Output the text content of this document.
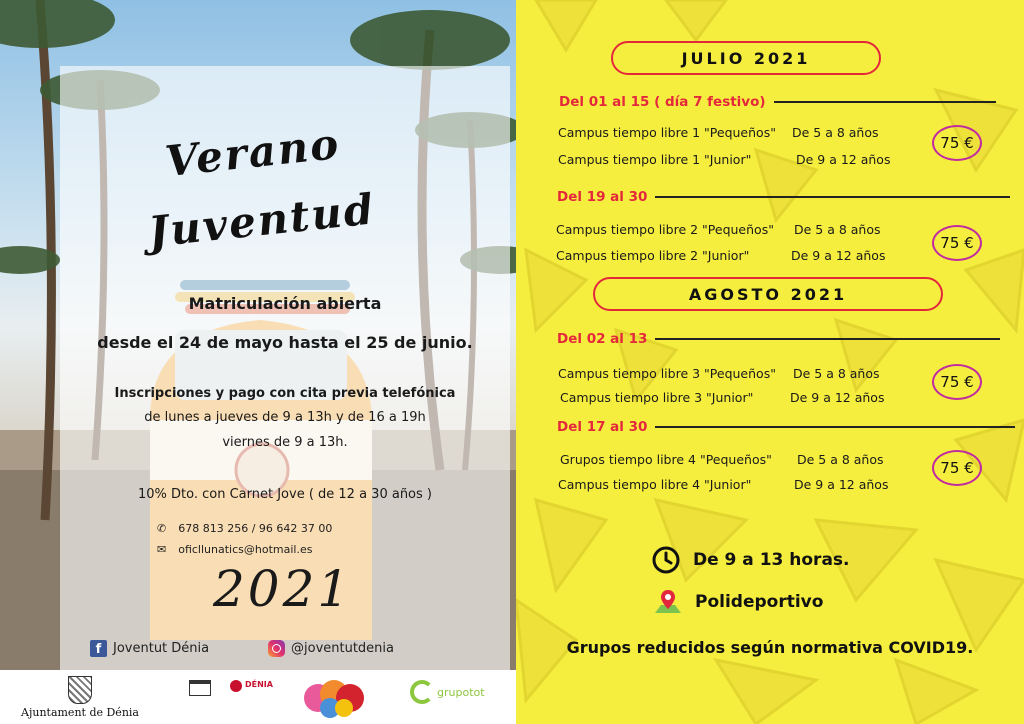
Verano
Juventud
Matriculación abierta
desde el 24 de mayo hasta el 25 de junio.
Inscripciones y pago con cita previa telefónica
de lunes a jueves de 9 a 13h y de 16 a 19h
viernes de 9 a 13h.
10% Dto. con Carnet Jove ( de 12 a 30 años )
✆ 678 813 256 / 96 642 37 00
✉ oficllunatics@hotmail.es
2021
f Joventut Dénia	@joventutdenia
Ajuntament de Dénia
DÉNIA
grupotot
JULIO 2021
Del 01 al 15 ( día 7 festivo)
Campus tiempo libre 1 "Pequeños" De 5 a 8 años
Campus tiempo libre 1 "Junior"	De 9 a 12 años
75 €
Del 19 al 30
Campus tiempo libre 2 "Pequeños" De 5 a 8 años
Campus tiempo libre 2 "Junior"	De 9 a 12 años
75 €
AGOSTO 2021
Del 02 al 13
Campus tiempo libre 3 "Pequeños" De 5 a 8 años
Campus tiempo libre 3 "Junior"	De 9 a 12 años
75 €
Del 17 al 30
Grupos tiempo libre 4 "Pequeños" De 5 a 8 años
Campus tiempo libre 4 "Junior"	De 9 a 12 años
75 €
De 9 a 13 horas.
Polideportivo
Grupos reducidos según normativa COVID19.
